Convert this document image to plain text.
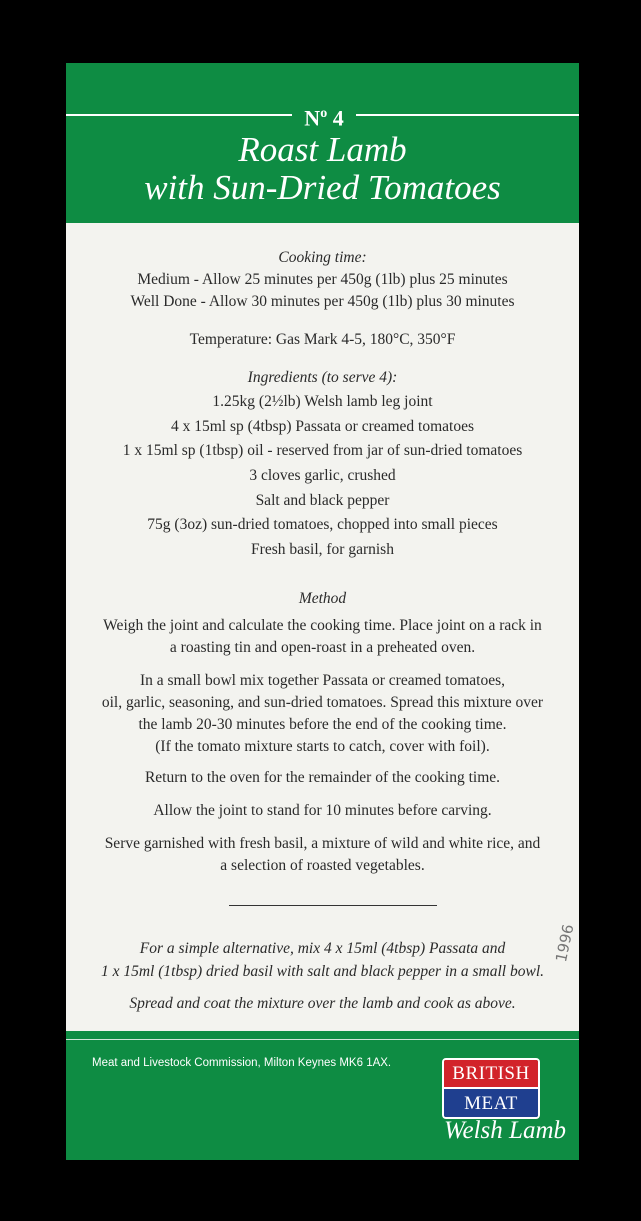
$N^o$ 4
Roast Lamb
with Sun-Dried Tomatoes
Cooking time:
Medium - Allow 25 minutes per 450g (1lb) plus 25 minutes
Well Done - Allow 30 minutes per 450g (1lb) plus 30 minutes
Temperature: Gas Mark 4-5, 180°C, 350°F
Ingredients (to serve 4):
1.25kg (2½lb) Welsh lamb leg joint
4 x 15ml sp (4tbsp) Passata or creamed tomatoes
1 x 15ml sp (1tbsp) oil - reserved from jar of sun-dried tomatoes
3 cloves garlic, crushed
Salt and black pepper
75g (3oz) sun-dried tomatoes, chopped into small pieces
Fresh basil, for garnish
Method
Weigh the joint and calculate the cooking time. Place joint on a rack in
a roasting tin and open-roast in a preheated oven.
In a small bowl mix together Passata or creamed tomatoes,
oil, garlic, seasoning, and sun-dried tomatoes. Spread this mixture over
the lamb 20-30 minutes before the end of the cooking time.
(If the tomato mixture starts to catch, cover with foil).
Return to the oven for the remainder of the cooking time.
Allow the joint to stand for 10 minutes before carving.
Serve garnished with fresh basil, a mixture of wild and white rice, and
a selection of roasted vegetables.
For a simple alternative, mix 4 x 15ml (4tbsp) Passata and
1 x 15ml (1tbsp) dried basil with salt and black pepper in a small bowl.
Spread and coat the mixture over the lamb and cook as above.
Meat and Livestock Commission, Milton Keynes MK6 1AX.	BRITISH
MEAT
Welsh Lamb
1996
